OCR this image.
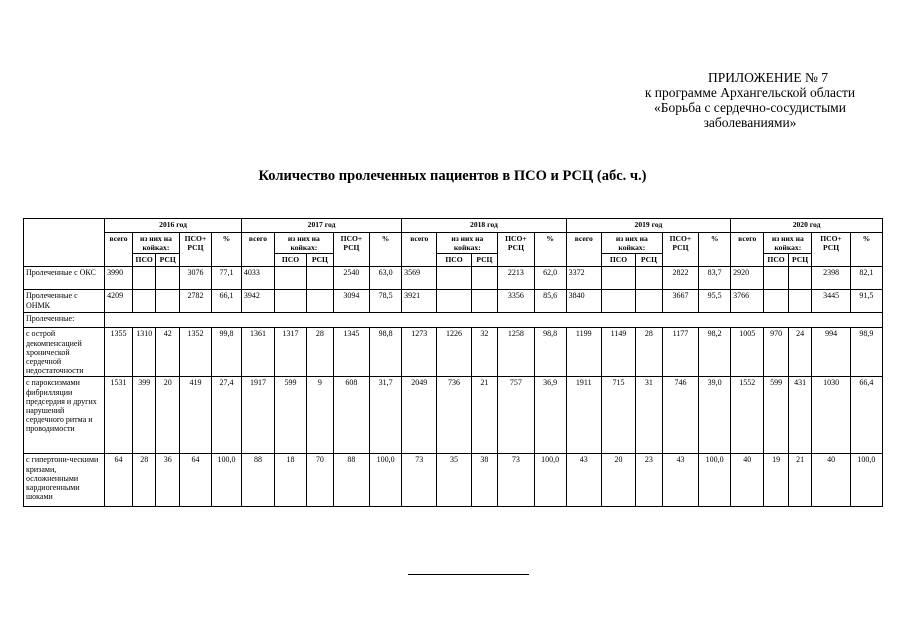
ПРИЛОЖЕНИЕ № 7
к программе Архангельской области
«Борьба с сердечно-сосудистыми
заболеваниями»
Количество пролеченных пациентов в ПСО и РСЦ (абс. ч.)
	2016 год					2017 год					2018 год					2019 год					2020 год				
	всего	из них на койках:		ПСО+ РСЦ	%	всего	из них на койках:		ПСО+ РСЦ	%	всего	из них на койках:		ПСО+ РСЦ	%	всего	из них на койках:		ПСО+ РСЦ	%	всего	из них на койках:		ПСО+ РСЦ	%
		ПСО	РСЦ				ПСО	РСЦ				ПСО	РСЦ				ПСО	РСЦ				ПСО	РСЦ		
Пролеченные с ОКС	3990			3076	77,1	4033			2540	63,0	3569			2213	62,0	3372			2822	83,7	2920			2398	82,1
Пролеченные с ОНМК	4209			2782	66,1	3942			3094	78,5	3921			3356	85,6	3840			3667	95,5	3766			3445	91,5
Пролеченные:																									
с острой декомпенсацией хронической сердечной недостаточности	1355	1310	42	1352	99,8	1361	1317	28	1345	98,8	1273	1226	32	1258	98,8	1199	1149	28	1177	98,2	1005	970	24	994	98,9
с пароксизмами фибрилляции предсердия и других нарушений сердечного ритма и проводимости	1531	399	20	419	27,4	1917	599	9	608	31,7	2049	736	21	757	36,9	1911	715	31	746	39,0	1552	599	431	1030	66,4
с гипертони-ческими кризами, осложненными кардиогенными шоками	64	28	36	64	100,0	88	18	70	88	100,0	73	35	38	73	100,0	43	20	23	43	100,0	40	19	21	40	100,0
